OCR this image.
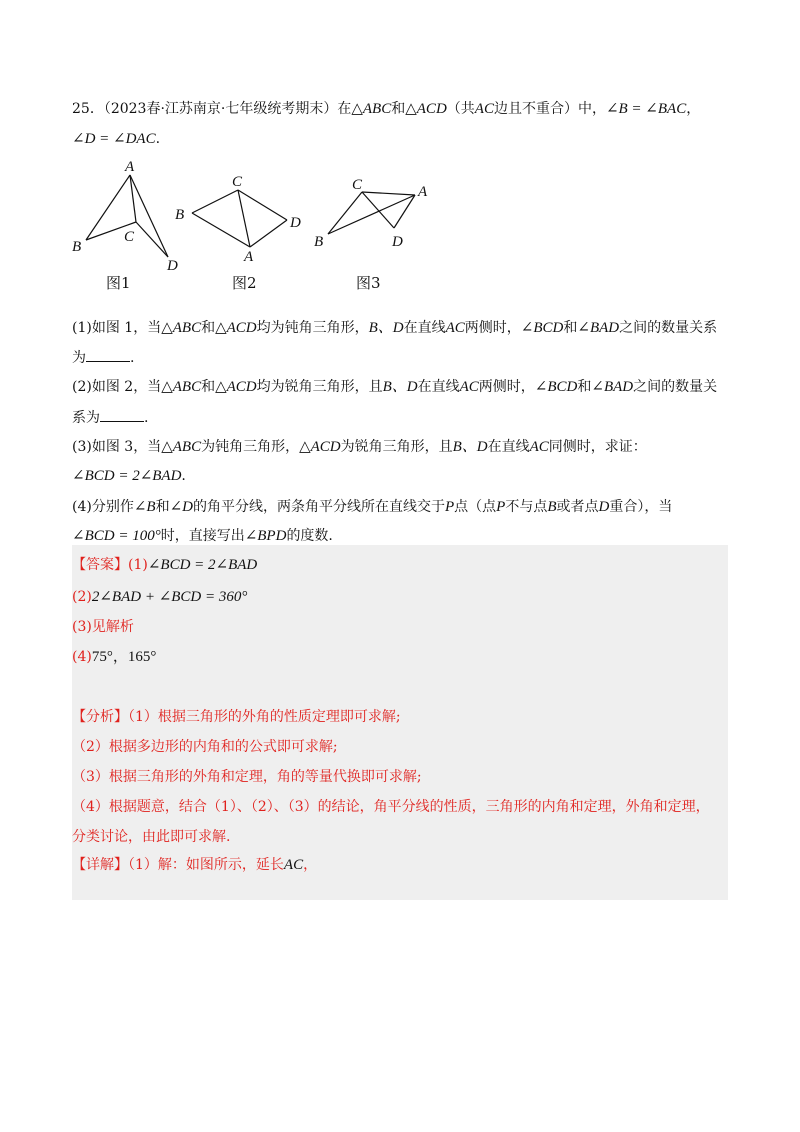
25．（2023春·江苏南京·七年级统考期末）在△ABC和△ACD（共AC边且不重合）中，∠B = ∠BAC，
∠D = ∠DAC.
A
B
C
D
C
B	D
A
C	A
B	D
图1	图2	图3
(1)如图 1，当△ABC和△ACD均为钝角三角形，B、D在直线AC两侧时，∠BCD和∠BAD之间的数量关系
为	.
(2)如图 2，当△ABC和△ACD均为锐角三角形，且B、D在直线AC两侧时，∠BCD和∠BAD之间的数量关
系为	.
(3)如图 3，当△ABC为钝角三角形，△ACD为锐角三角形，且B、D在直线AC同侧时，求证：
∠BCD = 2∠BAD.
(4)分别作∠B和∠D的角平分线，两条角平分线所在直线交于P点（点P不与点B或者点D重合），当
∠BCD = 100°时，直接写出∠BPD的度数.
【答案】(1)∠BCD = 2∠BAD
(2)2∠BAD + ∠BCD = 360°
(3)见解析
(4)75°，165°
【分析】（1）根据三角形的外角的性质定理即可求解;
（2）根据多边形的内角和的公式即可求解;
（3）根据三角形的外角和定理，角的等量代换即可求解;
（4）根据题意，结合（1）、（2）、（3）的结论，角平分线的性质，三角形的内角和定理，外角和定理，
分类讨论，由此即可求解.
【详解】（1）解：如图所示，延长AC，
